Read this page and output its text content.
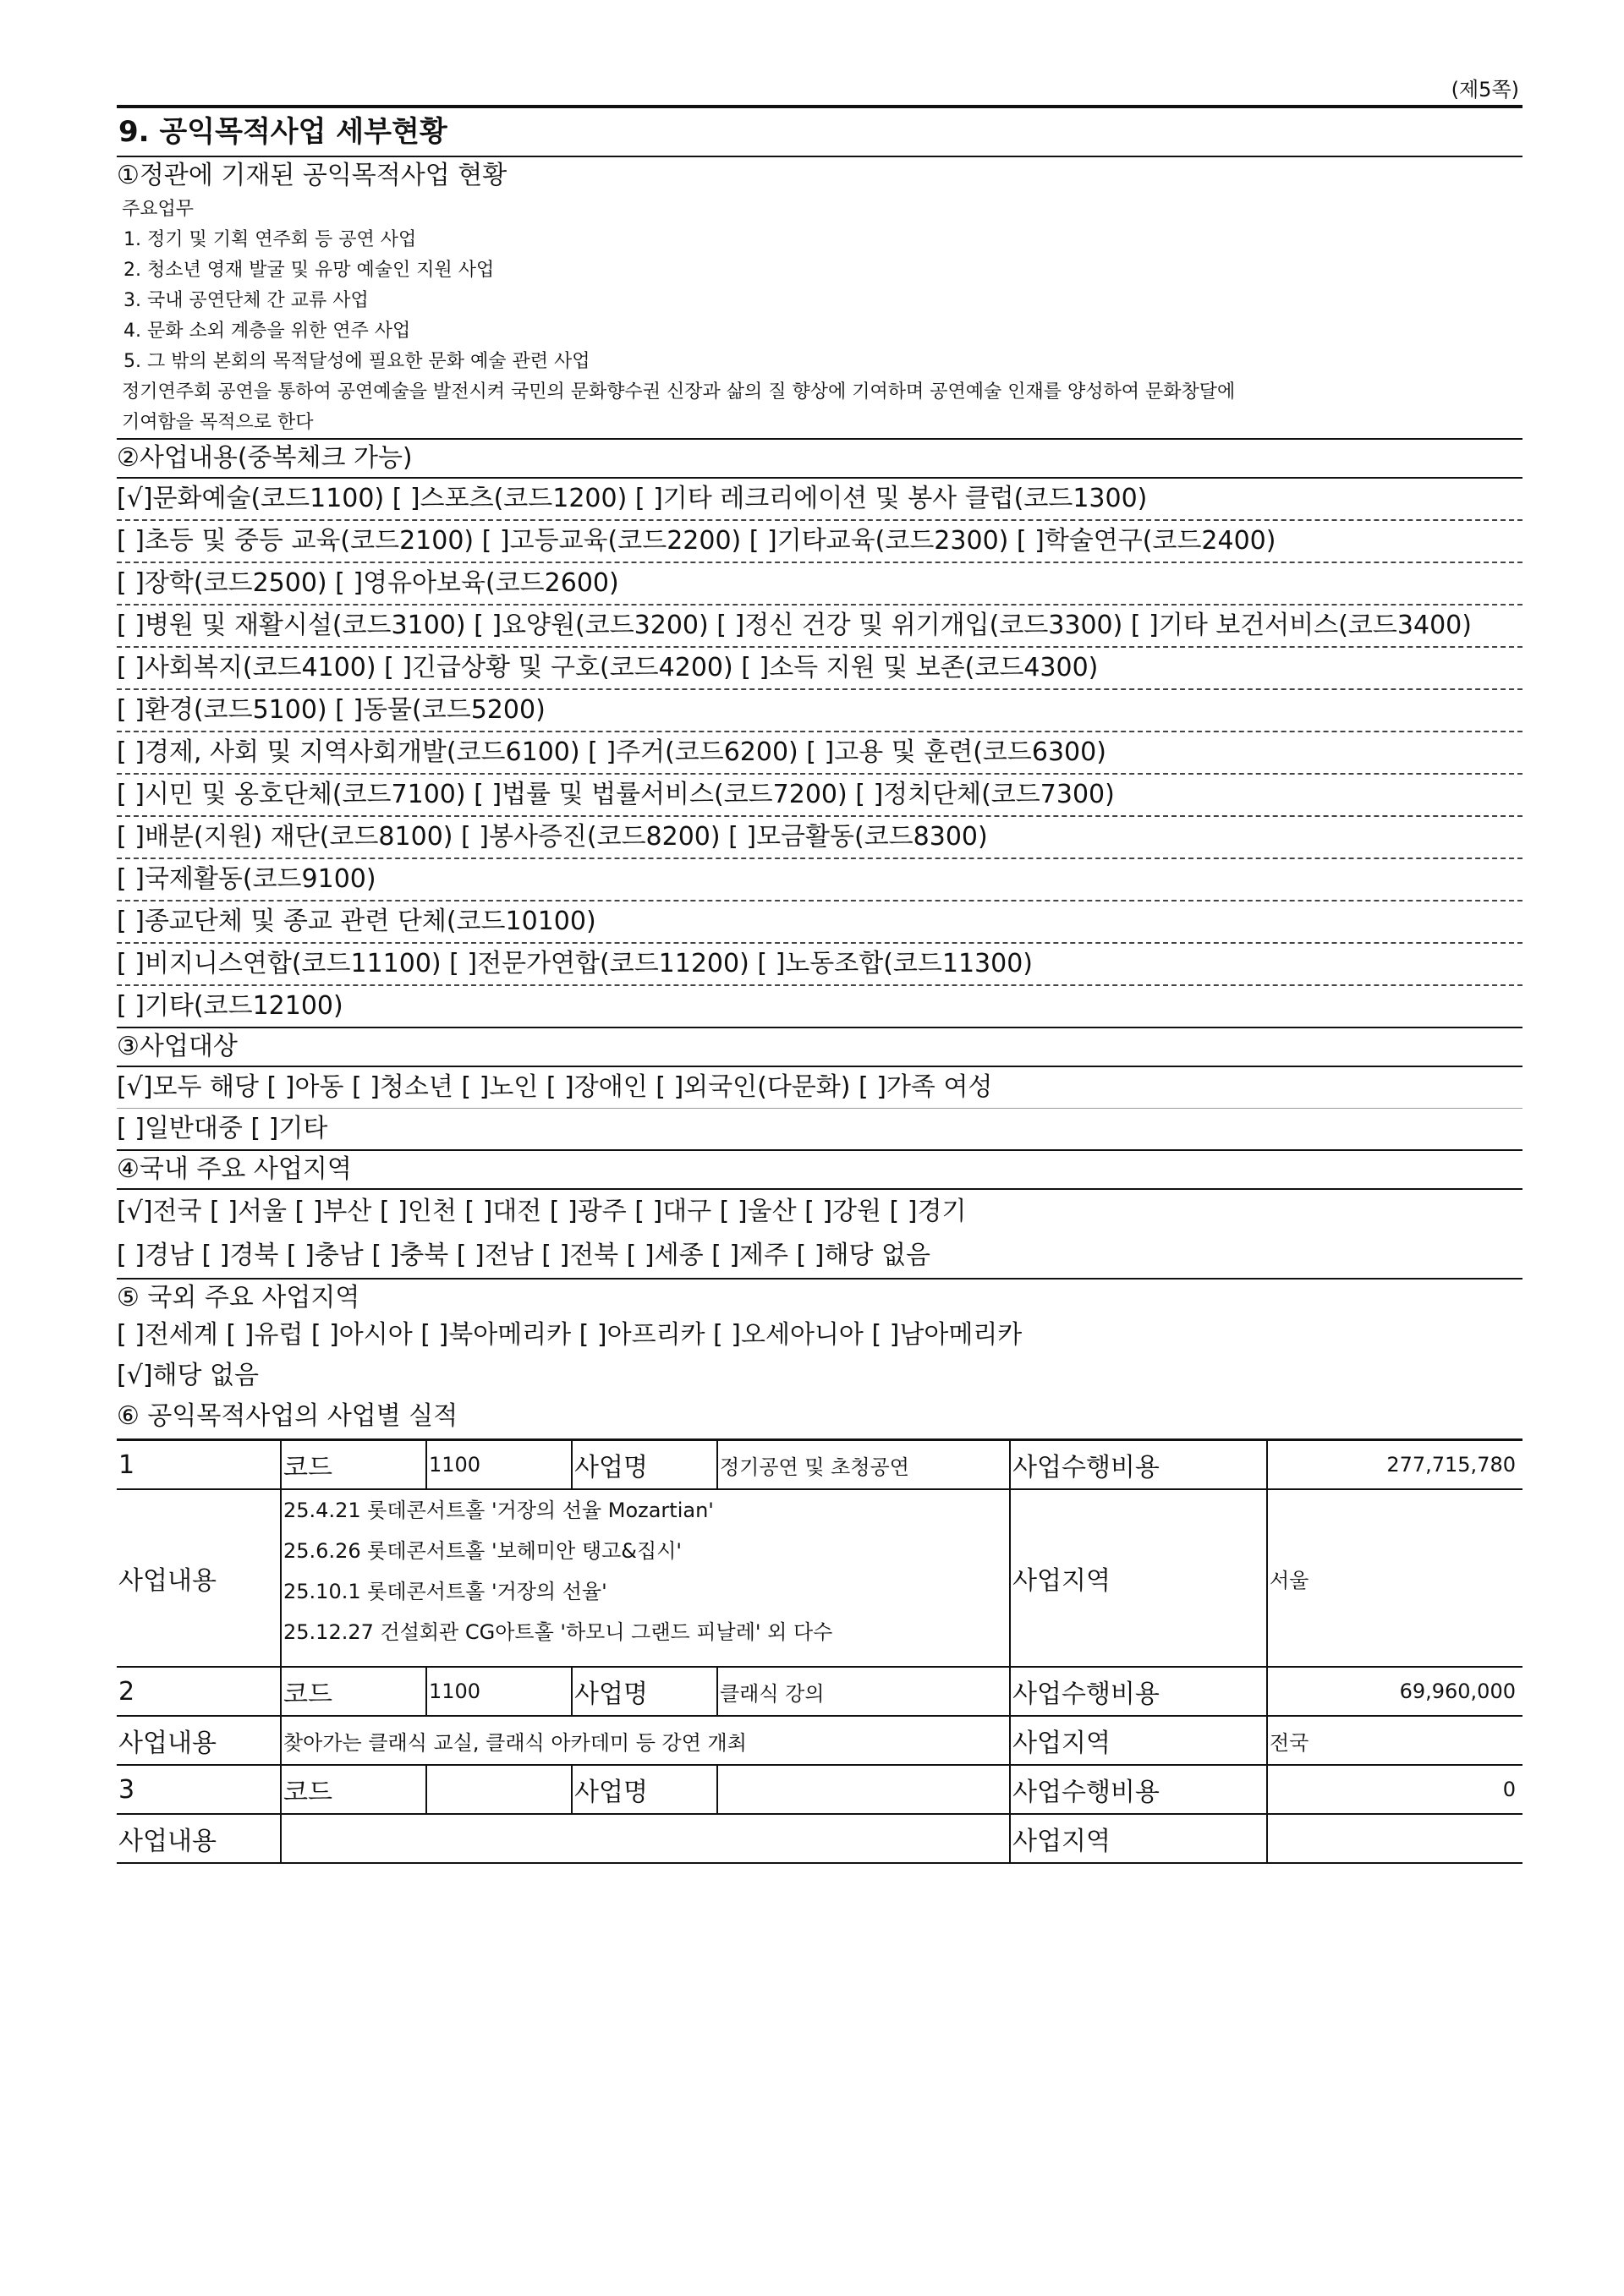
(제5쪽)
9. 공익목적사업 세부현황
①정관에 기재된 공익목적사업 현황
주요업무
1. 정기 및 기획 연주회 등 공연 사업
2. 청소년 영재 발굴 및 유망 예술인 지원 사업
3. 국내 공연단체 간 교류 사업
4. 문화 소외 계층을 위한 연주 사업
5. 그 밖의 본회의 목적달성에 필요한 문화 예술 관련 사업
정기연주회 공연을 통하여 공연예술을 발전시켜 국민의 문화향수권 신장과 삶의 질 향상에 기여하며 공연예술 인재를 양성하여 문화창달에
기여함을 목적으로 한다
②사업내용(중복체크 가능)
[√]문화예술(코드1100) [ ]스포츠(코드1200) [ ]기타 레크리에이션 및 봉사 클럽(코드1300)
[ ]초등 및 중등 교육(코드2100) [ ]고등교육(코드2200) [ ]기타교육(코드2300) [ ]학술연구(코드2400)
[ ]장학(코드2500) [ ]영유아보육(코드2600)
[ ]병원 및 재활시설(코드3100) [ ]요양원(코드3200) [ ]정신 건강 및 위기개입(코드3300) [ ]기타 보건서비스(코드3400)
[ ]사회복지(코드4100) [ ]긴급상황 및 구호(코드4200) [ ]소득 지원 및 보존(코드4300)
[ ]환경(코드5100) [ ]동물(코드5200)
[ ]경제, 사회 및 지역사회개발(코드6100) [ ]주거(코드6200) [ ]고용 및 훈련(코드6300)
[ ]시민 및 옹호단체(코드7100) [ ]법률 및 법률서비스(코드7200) [ ]정치단체(코드7300)
[ ]배분(지원) 재단(코드8100) [ ]봉사증진(코드8200) [ ]모금활동(코드8300)
[ ]국제활동(코드9100)
[ ]종교단체 및 종교 관련 단체(코드10100)
[ ]비지니스연합(코드11100) [ ]전문가연합(코드11200) [ ]노동조합(코드11300)
[ ]기타(코드12100)
③사업대상
[√]모두 해당 [ ]아동 [ ]청소년 [ ]노인 [ ]장애인 [ ]외국인(다문화) [ ]가족 여성
[ ]일반대중 [ ]기타
④국내 주요 사업지역
[√]전국 [ ]서울 [ ]부산 [ ]인천 [ ]대전 [ ]광주 [ ]대구 [ ]울산 [ ]강원 [ ]경기
[ ]경남 [ ]경북 [ ]충남 [ ]충북 [ ]전남 [ ]전북 [ ]세종 [ ]제주 [ ]해당 없음
⑤ 국외 주요 사업지역
[ ]전세계 [ ]유럽 [ ]아시아 [ ]북아메리카 [ ]아프리카 [ ]오세아니아 [ ]남아메리카
[√]해당 없음
⑥ 공익목적사업의 사업별 실적
1	코드	1100	사업명	정기공연 및 초청공연	사업수행비용	277,715,780
사업내용	25.4.21 롯데콘서트홀 '거장의 선율 Mozartian'
25.6.26 롯데콘서트홀 '보헤미안 탱고&집시'
25.10.1 롯데콘서트홀 '거장의 선율'
25.12.27 건설회관 CG아트홀 '하모니 그랜드 피날레' 외 다수				사업지역	서울
2	코드	1100	사업명	클래식 강의	사업수행비용	69,960,000
사업내용	찾아가는 클래식 교실, 클래식 아카데미 등 강연 개최				사업지역	전국
3	코드		사업명		사업수행비용	0
사업내용					사업지역	
